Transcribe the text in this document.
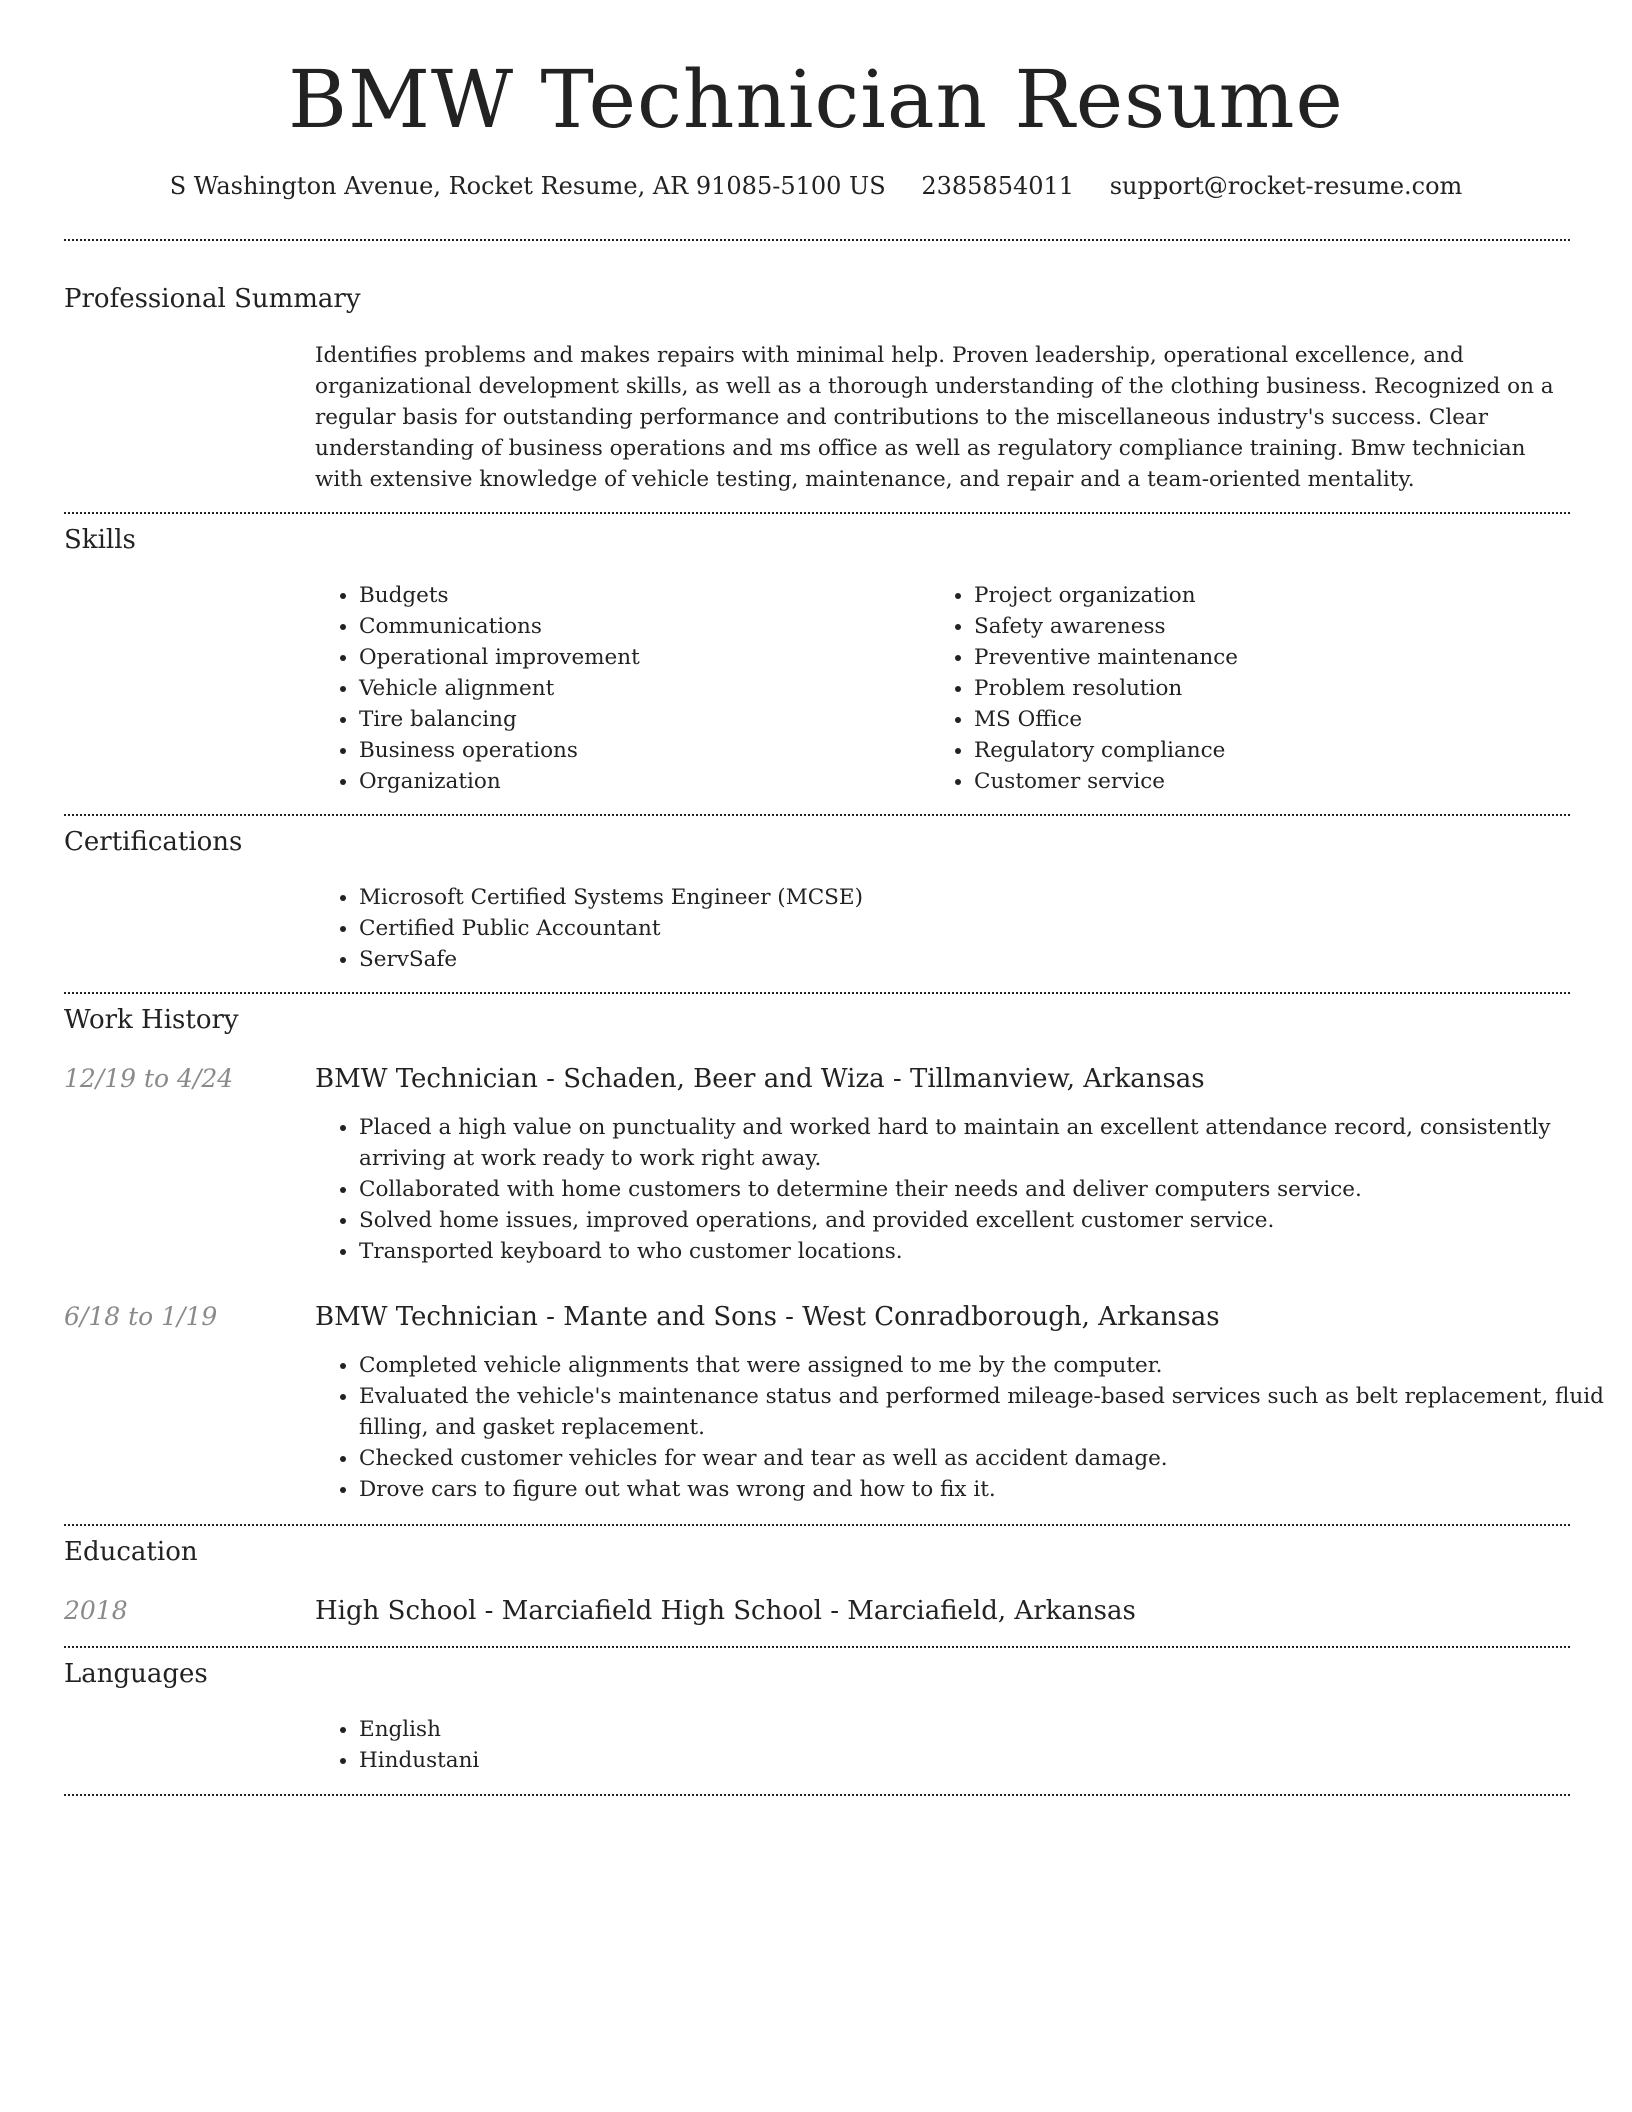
BMW Technician Resume
S Washington Avenue, Rocket Resume, AR 91085-5100 US 2385854011 support@rocket-resume.com
Professional Summary

Identifies problems and makes repairs with minimal help. Proven leadership, operational excellence, and organizational development skills, as well as a thorough understanding of the clothing business. Recognized on a regular basis for outstanding performance and contributions to the miscellaneous industry's success. Clear understanding of business operations and ms office as well as regulatory compliance training. Bmw technician with extensive knowledge of vehicle testing, maintenance, and repair and a team-oriented mentality.

Skills
• Budgets
• Communications
• Operational improvement
• Vehicle alignment
• Tire balancing
• Business operations
• Organization
• Project organization
• Safety awareness
• Preventive maintenance
• Problem resolution
• MS Office
• Regulatory compliance
• Customer service
Certifications
• Microsoft Certified Systems Engineer (MCSE)
• Certified Public Accountant
• ServSafe
Work History
12/19 to 4/24	BMW Technician - Schaden, Beer and Wiza - Tillmanview, Arkansas
• Placed a high value on punctuality and worked hard to maintain an excellent attendance record, consistently arriving at work ready to work right away.
• Collaborated with home customers to determine their needs and deliver computers service.
• Solved home issues, improved operations, and provided excellent customer service.
• Transported keyboard to who customer locations.
6/18 to 1/19	BMW Technician - Mante and Sons - West Conradborough, Arkansas
• Completed vehicle alignments that were assigned to me by the computer.
• Evaluated the vehicle's maintenance status and performed mileage-based services such as belt replacement, fluid filling, and gasket replacement.
• Checked customer vehicles for wear and tear as well as accident damage.
• Drove cars to figure out what was wrong and how to fix it.
Education
2018	High School - Marciafield High School - Marciafield, Arkansas
Languages
• English
• Hindustani
